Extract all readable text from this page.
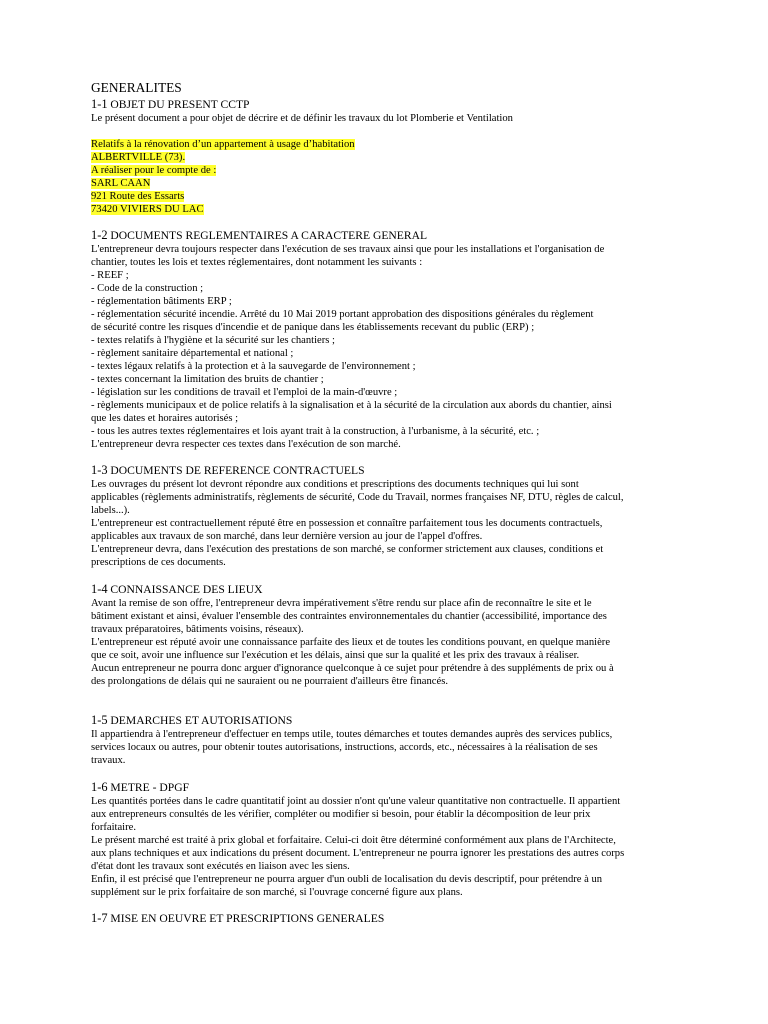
GENERALITES
1-1 OBJET DU PRESENT CCTP
Le présent document a pour objet de décrire et de définir les travaux du lot Plomberie et Ventilation
Relatifs à la rénovation d’un appartement à usage d’habitation
ALBERTVILLE (73).
A réaliser pour le compte de :
SARL CAAN
921 Route des Essarts
73420 VIVIERS DU LAC
1-2 DOCUMENTS REGLEMENTAIRES A CARACTERE GENERAL
L'entrepreneur devra toujours respecter dans l'exécution de ses travaux ainsi que pour les installations et l'organisation de
chantier, toutes les lois et textes réglementaires, dont notamment les suivants :
- REEF ;
- Code de la construction ;
- réglementation bâtiments ERP ;
- réglementation sécurité incendie. Arrêté du 10 Mai 2019 portant approbation des dispositions générales du règlement
de sécurité contre les risques d'incendie et de panique dans les établissements recevant du public (ERP) ;
- textes relatifs à l'hygiène et la sécurité sur les chantiers ;
- règlement sanitaire départemental et national ;
- textes légaux relatifs à la protection et à la sauvegarde de l'environnement ;
- textes concernant la limitation des bruits de chantier ;
- législation sur les conditions de travail et l'emploi de la main-d'œuvre ;
- règlements municipaux et de police relatifs à la signalisation et à la sécurité de la circulation aux abords du chantier, ainsi
que les dates et horaires autorisés ;
- tous les autres textes réglementaires et lois ayant trait à la construction, à l'urbanisme, à la sécurité, etc. ;
L'entrepreneur devra respecter ces textes dans l'exécution de son marché.
1-3 DOCUMENTS DE REFERENCE CONTRACTUELS
Les ouvrages du présent lot devront répondre aux conditions et prescriptions des documents techniques qui lui sont
applicables (règlements administratifs, règlements de sécurité, Code du Travail, normes françaises NF, DTU, règles de calcul,
labels...).
L'entrepreneur est contractuellement réputé être en possession et connaître parfaitement tous les documents contractuels,
applicables aux travaux de son marché, dans leur dernière version au jour de l'appel d'offres.
L'entrepreneur devra, dans l'exécution des prestations de son marché, se conformer strictement aux clauses, conditions et
prescriptions de ces documents.
1-4 CONNAISSANCE DES LIEUX
Avant la remise de son offre, l'entrepreneur devra impérativement s'être rendu sur place afin de reconnaître le site et le
bâtiment existant et ainsi, évaluer l'ensemble des contraintes environnementales du chantier (accessibilité, importance des
travaux préparatoires, bâtiments voisins, réseaux).
L'entrepreneur est réputé avoir une connaissance parfaite des lieux et de toutes les conditions pouvant, en quelque manière
que ce soit, avoir une influence sur l'exécution et les délais, ainsi que sur la qualité et les prix des travaux à réaliser.
Aucun entrepreneur ne pourra donc arguer d'ignorance quelconque à ce sujet pour prétendre à des suppléments de prix ou à
des prolongations de délais qui ne sauraient ou ne pourraient d'ailleurs être financés.
1-5 DEMARCHES ET AUTORISATIONS
Il appartiendra à l'entrepreneur d'effectuer en temps utile, toutes démarches et toutes demandes auprès des services publics,
services locaux ou autres, pour obtenir toutes autorisations, instructions, accords, etc., nécessaires à la réalisation de ses
travaux.
1-6 METRE - DPGF
Les quantités portées dans le cadre quantitatif joint au dossier n'ont qu'une valeur quantitative non contractuelle. Il appartient
aux entrepreneurs consultés de les vérifier, compléter ou modifier si besoin, pour établir la décomposition de leur prix
forfaitaire.
Le présent marché est traité à prix global et forfaitaire. Celui-ci doit être déterminé conformément aux plans de l'Architecte,
aux plans techniques et aux indications du présent document. L'entrepreneur ne pourra ignorer les prestations des autres corps
d'état dont les travaux sont exécutés en liaison avec les siens.
Enfin, il est précisé que l'entrepreneur ne pourra arguer d'un oubli de localisation du devis descriptif, pour prétendre à un
supplément sur le prix forfaitaire de son marché, si l'ouvrage concerné figure aux plans.
1-7 MISE EN OEUVRE ET PRESCRIPTIONS GENERALES
